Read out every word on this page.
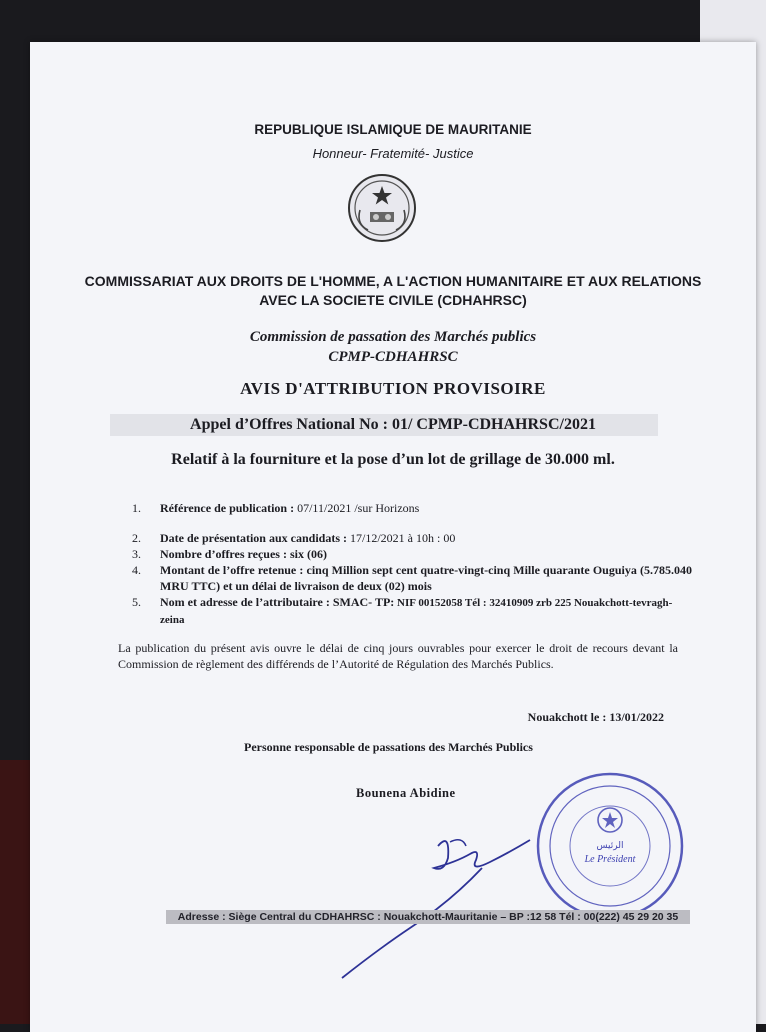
REPUBLIQUE ISLAMIQUE DE MAURITANIE
Honneur- Fratemité- Justice
COMMISSARIAT AUX DROITS DE L'HOMME, A L'ACTION HUMANITAIRE ET AUX RELATIONS AVEC LA SOCIETE CIVILE (CDHAHRSC)
Commission de passation des Marchés publics
CPMP-CDHAHRSC
AVIS D'ATTRIBUTION PROVISOIRE
Appel d’Offres National No : 01/ CPMP-CDHAHRSC/2021
Relatif à la fourniture et la pose d’un lot de grillage de 30.000 ml.
1. Référence de publication : 07/11/2021 /sur Horizons
2. Date de présentation aux candidats : 17/12/2021 à 10h : 00
3. Nombre d’offres reçues : six (06)
4. Montant de l’offre retenue : cinq Million sept cent quatre-vingt-cinq Mille quarante Ouguiya (5.785.040 MRU TTC) et un délai de livraison de deux (02) mois
5. Nom et adresse de l’attributaire : SMAC- TP: NIF 00152058 Tél : 32410909 zrb 225 Nouakchott-tevragh-zeina

La publication du présent avis ouvre le délai de cinq jours ouvrables pour exercer le droit de recours devant la Commission de règlement des différends de l’Autorité de Régulation des Marchés Publics.

Nouakchott le : 13/01/2022
Personne responsable de passations des Marchés Publics
Bounena Abidine
الرئيس
Le Président
Adresse : Siège Central du CDHAHRSC : Nouakchott-Mauritanie – BP :12 58 Tél : 00(222) 45 29 20 35
